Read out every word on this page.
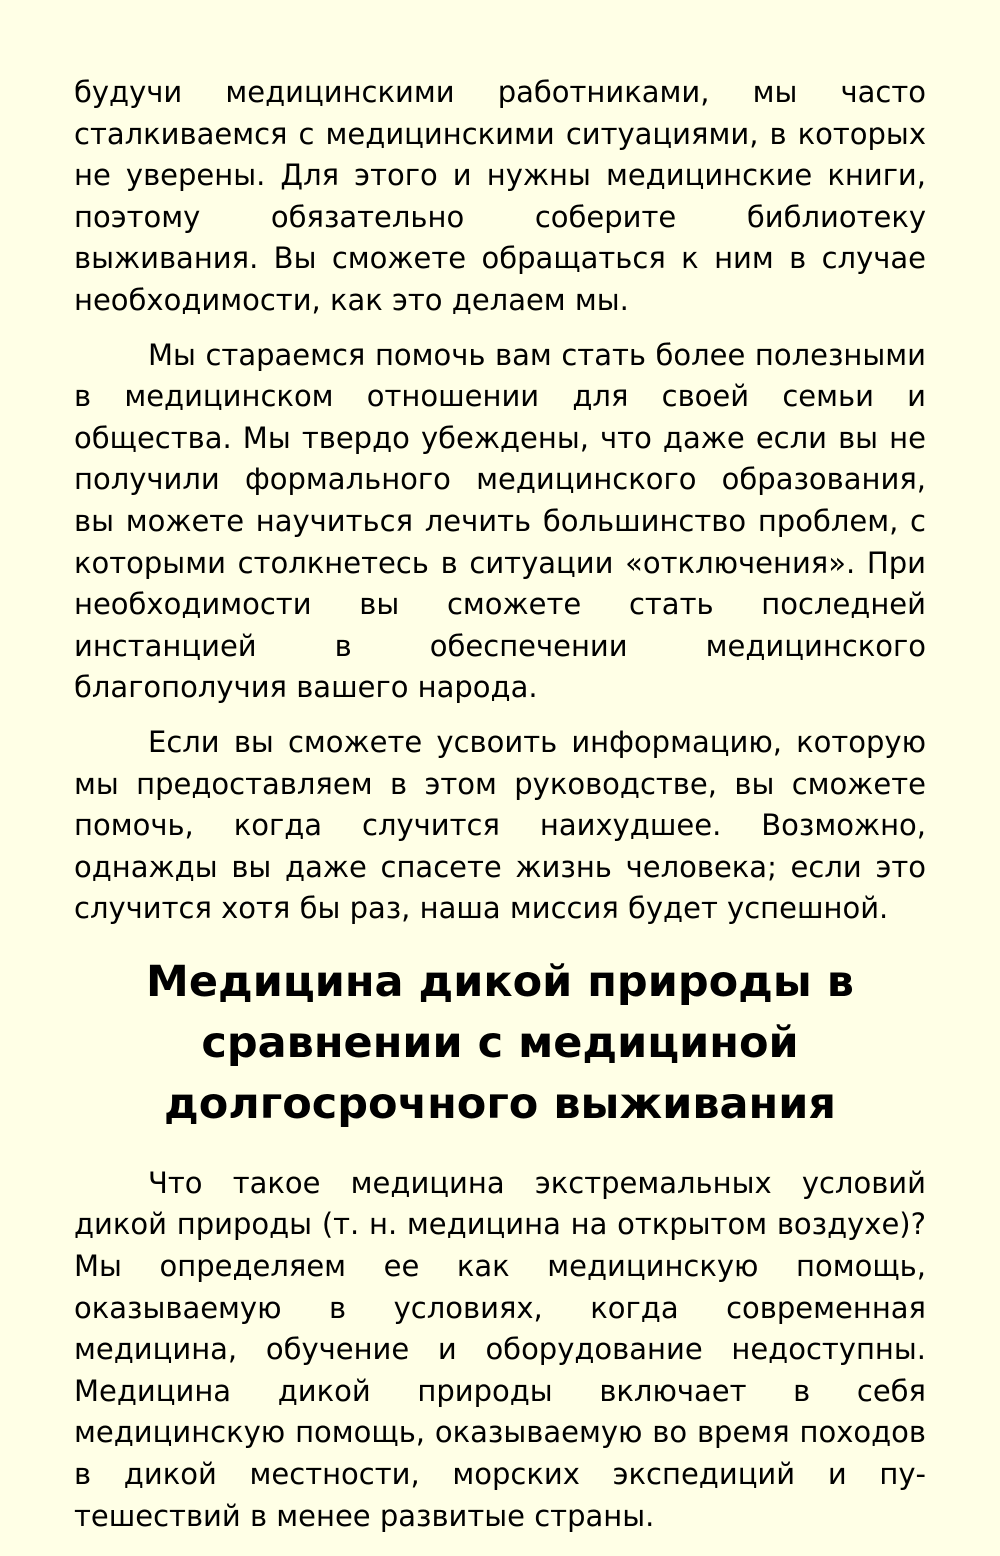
будучи медицинскими работниками, мы часто сталкиваемся с медицинскими ситуациями, в которых не уверены. Для этого и нужны медицинские книги, поэтому обязательно соберите библиотеку выживания. Вы сможете обращаться к ним в случае необходимости, как это делаем мы.

Мы стараемся помочь вам стать более полезными в медицинском отношении для своей семьи и общества. Мы твердо убеждены, что даже если вы не получили формального медицинского образования, вы можете научиться лечить большинство проблем, с которыми столкнетесь в ситуации «отключения». При необходимости вы сможете стать последней инстанцией в обеспечении медицинского благополучия вашего народа.

Если вы сможете усвоить информацию, которую мы предоставляем в этом руководстве, вы сможете помочь, когда случится наихудшее. Возможно, однажды вы даже спасете жизнь человека; если это случится хотя бы раз, наша миссия будет успешной.

Медицина дикой природы в сравнении с медициной долгосрочного выживания

Что такое медицина экстремальных условий дикой природы (т. н. медицина на открытом воздухе)? Мы определяем ее как медицинскую помощь, оказываемую в условиях, когда современная медицина, обучение и оборудование недоступны. Медицина дикой природы включает в себя медицинскую помощь, оказываемую во время походов в дикой местности, морских экспедиций и путешествий в менее развитые страны.
